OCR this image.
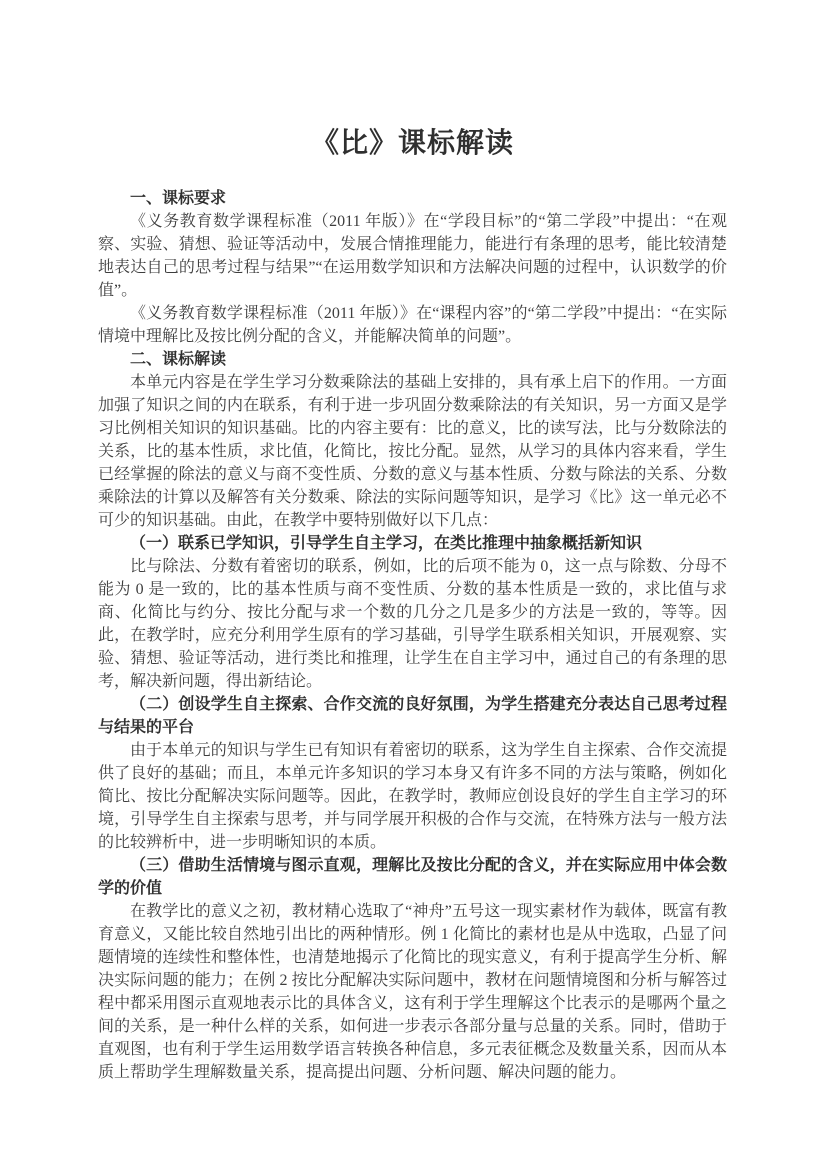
《比》课标解读

一、课标要求

《义务教育数学课程标准（2011 年版）》在“学段目标”的“第二学段”中提出：“在观察、实验、猜想、验证等活动中，发展合情推理能力，能进行有条理的思考，能比较清楚地表达自己的思考过程与结果”“在运用数学知识和方法解决问题的过程中，认识数学的价值”。

《义务教育数学课程标准（2011 年版）》在“课程内容”的“第二学段”中提出：“在实际情境中理解比及按比例分配的含义，并能解决简单的问题”。

二、课标解读

本单元内容是在学生学习分数乘除法的基础上安排的，具有承上启下的作用。一方面加强了知识之间的内在联系，有利于进一步巩固分数乘除法的有关知识，另一方面又是学习比例相关知识的知识基础。比的内容主要有：比的意义，比的读写法，比与分数除法的关系，比的基本性质，求比值，化简比，按比分配。显然，从学习的具体内容来看，学生已经掌握的除法的意义与商不变性质、分数的意义与基本性质、分数与除法的关系、分数乘除法的计算以及解答有关分数乘、除法的实际问题等知识，是学习《比》这一单元必不可少的知识基础。由此，在教学中要特别做好以下几点：

（一）联系已学知识，引导学生自主学习，在类比推理中抽象概括新知识

比与除法、分数有着密切的联系，例如，比的后项不能为 0，这一点与除数、分母不能为 0 是一致的，比的基本性质与商不变性质、分数的基本性质是一致的，求比值与求商、化简比与约分、按比分配与求一个数的几分之几是多少的方法是一致的，等等。因此，在教学时，应充分利用学生原有的学习基础，引导学生联系相关知识，开展观察、实验、猜想、验证等活动，进行类比和推理，让学生在自主学习中，通过自己的有条理的思考，解决新问题，得出新结论。

（二）创设学生自主探索、合作交流的良好氛围，为学生搭建充分表达自己思考过程与结果的平台

由于本单元的知识与学生已有知识有着密切的联系，这为学生自主探索、合作交流提供了良好的基础；而且，本单元许多知识的学习本身又有许多不同的方法与策略，例如化简比、按比分配解决实际问题等。因此，在教学时，教师应创设良好的学生自主学习的环境，引导学生自主探索与思考，并与同学展开积极的合作与交流，在特殊方法与一般方法的比较辨析中，进一步明晰知识的本质。

（三）借助生活情境与图示直观，理解比及按比分配的含义，并在实际应用中体会数学的价值

在教学比的意义之初，教材精心选取了“神舟”五号这一现实素材作为载体，既富有教育意义，又能比较自然地引出比的两种情形。例 1 化简比的素材也是从中选取，凸显了问题情境的连续性和整体性，也清楚地揭示了化简比的现实意义，有利于提高学生分析、解决实际问题的能力；在例 2 按比分配解决实际问题中，教材在问题情境图和分析与解答过程中都采用图示直观地表示比的具体含义，这有利于学生理解这个比表示的是哪两个量之间的关系，是一种什么样的关系，如何进一步表示各部分量与总量的关系。同时，借助于直观图，也有利于学生运用数学语言转换各种信息，多元表征概念及数量关系，因而从本质上帮助学生理解数量关系，提高提出问题、分析问题、解决问题的能力。
